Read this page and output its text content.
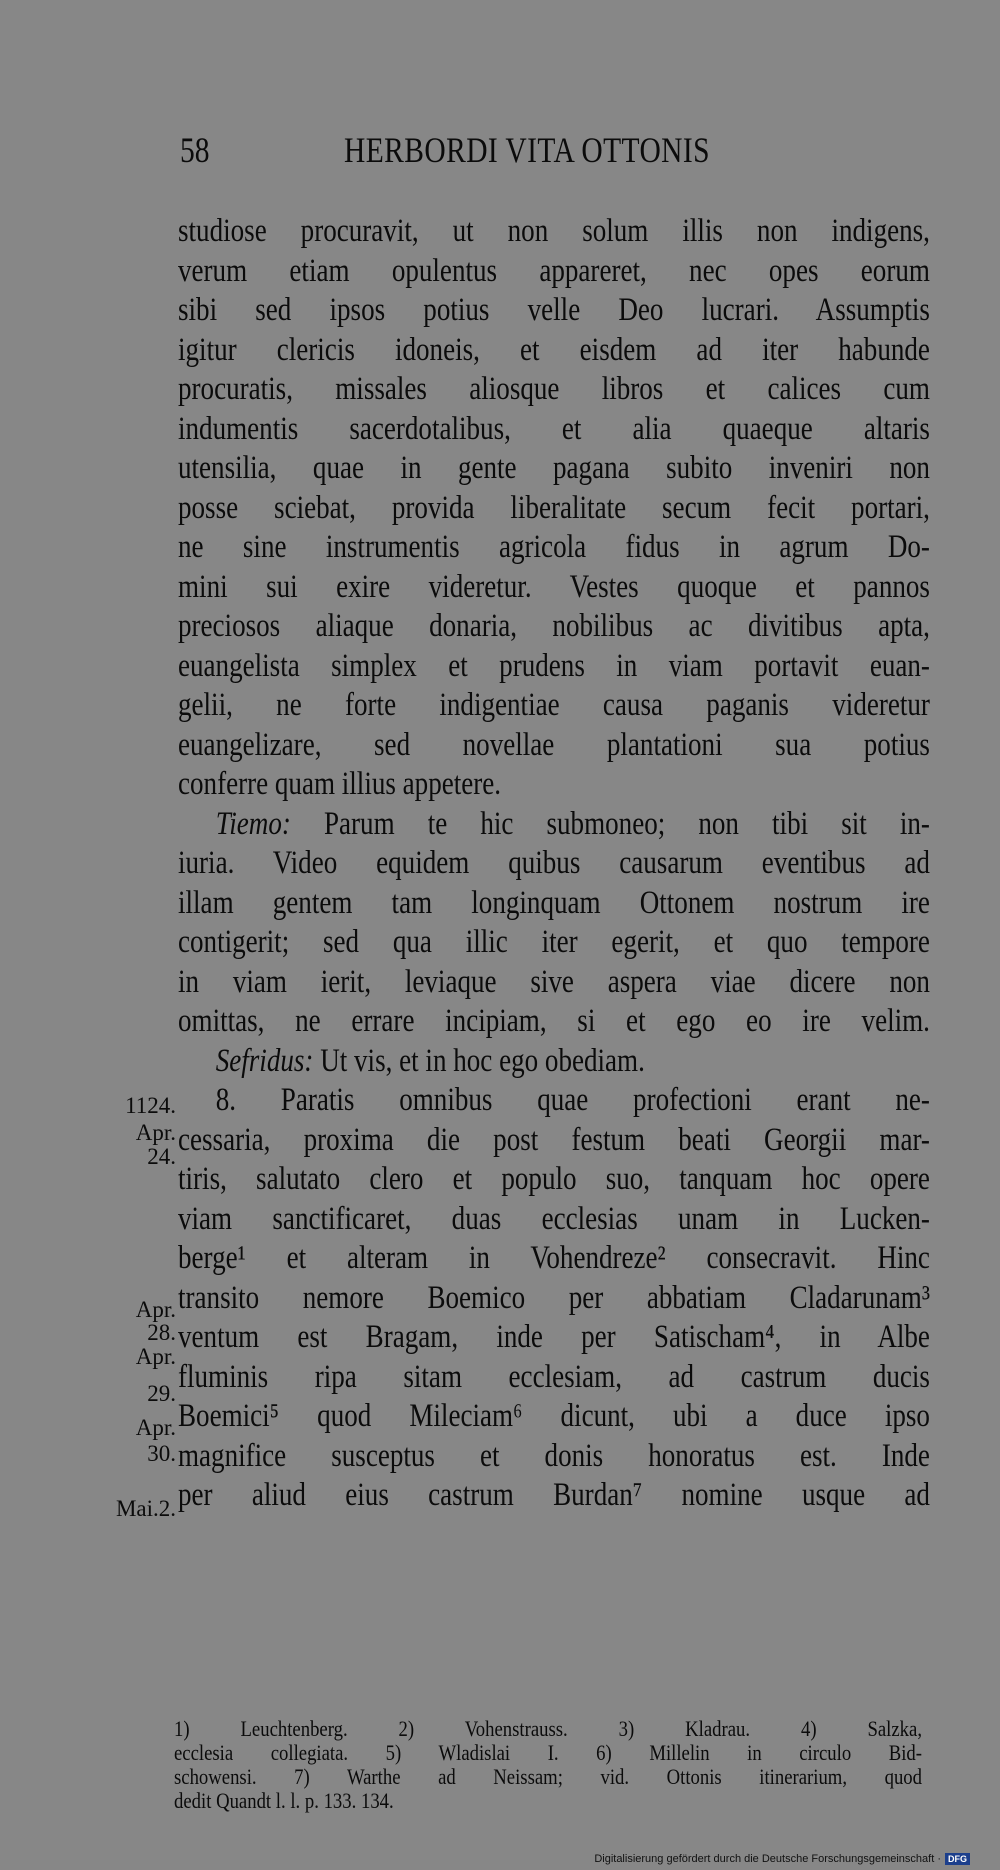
58	HERBORDI VITA OTTONIS
studiose procuravit, ut non solum illis non indigens,
verum etiam opulentus appareret, nec opes eorum
sibi sed ipsos potius velle Deo lucrari. Assumptis
igitur clericis idoneis, et eisdem ad iter habunde
procuratis, missales aliosque libros et calices cum
indumentis sacerdotalibus, et alia quaeque altaris
utensilia, quae in gente pagana subito inveniri non
posse sciebat, provida liberalitate secum fecit portari,
ne sine instrumentis agricola fidus in agrum Do-
mini sui exire videretur. Vestes quoque et pannos
preciosos aliaque donaria, nobilibus ac divitibus apta,
euangelista simplex et prudens in viam portavit euan-
gelii, ne forte indigentiae causa paganis videretur
euangelizare, sed novellae plantationi sua potius
conferre quam illius appetere.
Tiemo: Parum te hic submoneo; non tibi sit in-
iuria. Video equidem quibus causarum eventibus ad
illam gentem tam longinquam Ottonem nostrum ire
contigerit; sed qua illic iter egerit, et quo tempore
in viam ierit, leviaque sive aspera viae dicere non
omittas, ne errare incipiam, si et ego eo ire velim.
Sefridus: Ut vis, et in hoc ego obediam.
8. Paratis omnibus quae profectioni erant ne-
cessaria, proxima die post festum beati Georgii mar-
tiris, salutato clero et populo suo, tanquam hoc opere
viam sanctificaret, duas ecclesias unam in Lucken-
berge¹ et alteram in Vohendreze² consecravit. Hinc
transito nemore Boemico per abbatiam Cladarunam³
ventum est Bragam, inde per Satischam⁴, in Albe
fluminis ripa sitam ecclesiam, ad castrum ducis
Boemici⁵ quod Mileciam⁶ dicunt, ubi a duce ipso
magnifice susceptus et donis honoratus est. Inde
per aliud eius castrum Burdan⁷ nomine usque ad
1124.
Apr.
24.
Apr.
28.
Apr.
29.
Apr.
30.
Mai.2.
1) Leuchtenberg. 2) Vohenstrauss. 3) Kladrau. 4) Salzka,
ecclesia collegiata. 5) Wladislai I. 6) Millelin in circulo Bid-
schowensi. 7) Warthe ad Neissam; vid. Ottonis itinerarium, quod
dedit Quandt l. l. p. 133. 134.
Digitalisierung gefördert durch die Deutsche Forschungsgemeinschaft · DFG
